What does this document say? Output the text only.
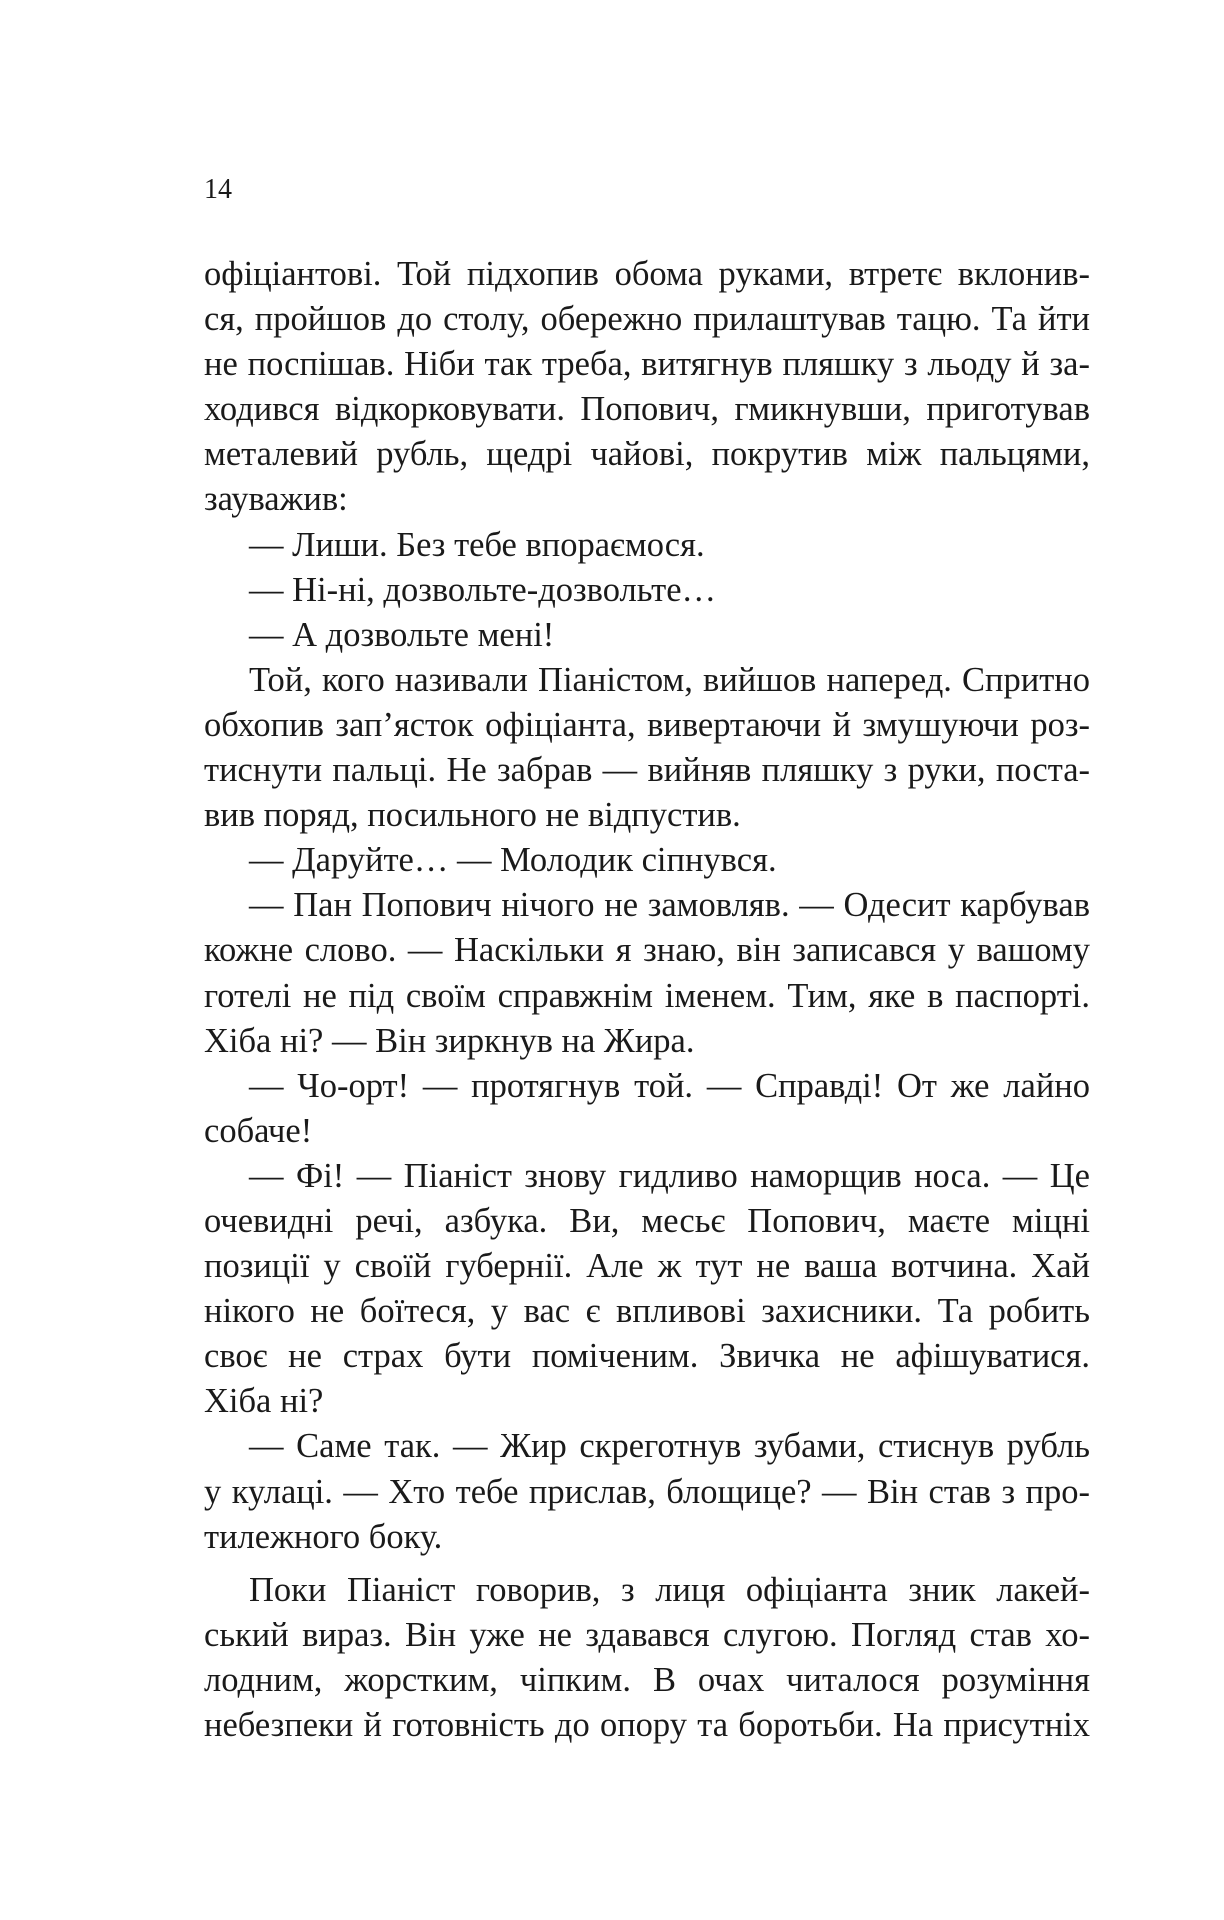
14

офіціантові. Той підхопив обома руками, втретє вклонив-
ся, пройшов до столу, обережно прилаштував тацю. Та йти
не поспішав. Ніби так треба, витягнув пляшку з льоду й за-
ходився відкорковувати. Попович, гмикнувши, приготував
металевий рубль, щедрі чайові, покрутив між пальцями,
зауважив:
— Лиши. Без тебе впораємося.
— Ні-ні, дозвольте-дозвольте…
— А дозвольте мені!
Той, кого називали Піаністом, вийшов наперед. Спритно
обхопив зап’ясток офіціанта, вивертаючи й змушуючи роз-
тиснути пальці. Не забрав — вийняв пляшку з руки, поста-
вив поряд, посильного не відпустив.
— Даруйте… — Молодик сіпнувся.
— Пан Попович нічого не замовляв. — Одесит карбував
кожне слово. — Наскільки я знаю, він записався у вашому
готелі не під своїм справжнім іменем. Тим, яке в паспорті.
Хіба ні? — Він зиркнув на Жира.
— Чо-орт! — протягнув той. — Справді! От же лайно
собаче!
— Фі! — Піаніст знову гидливо наморщив носа. — Це
очевидні речі, азбука. Ви, месьє Попович, маєте міцні
позиції у своїй губернії. Але ж тут не ваша вотчина. Хай
нікого не боїтеся, у вас є впливові захисники. Та робить
своє не страх бути поміченим. Звичка не афішуватися.
Хіба ні?
— Саме так. — Жир скреготнув зубами, стиснув рубль
у кулаці. — Хто тебе прислав, блощице? — Він став з про-
тилежного боку.
Поки Піаніст говорив, з лиця офіціанта зник лакей-
ський вираз. Він уже не здавався слугою. Погляд став хо-
лодним, жорстким, чіпким. В очах читалося розуміння
небезпеки й готовність до опору та боротьби. На присутніх
